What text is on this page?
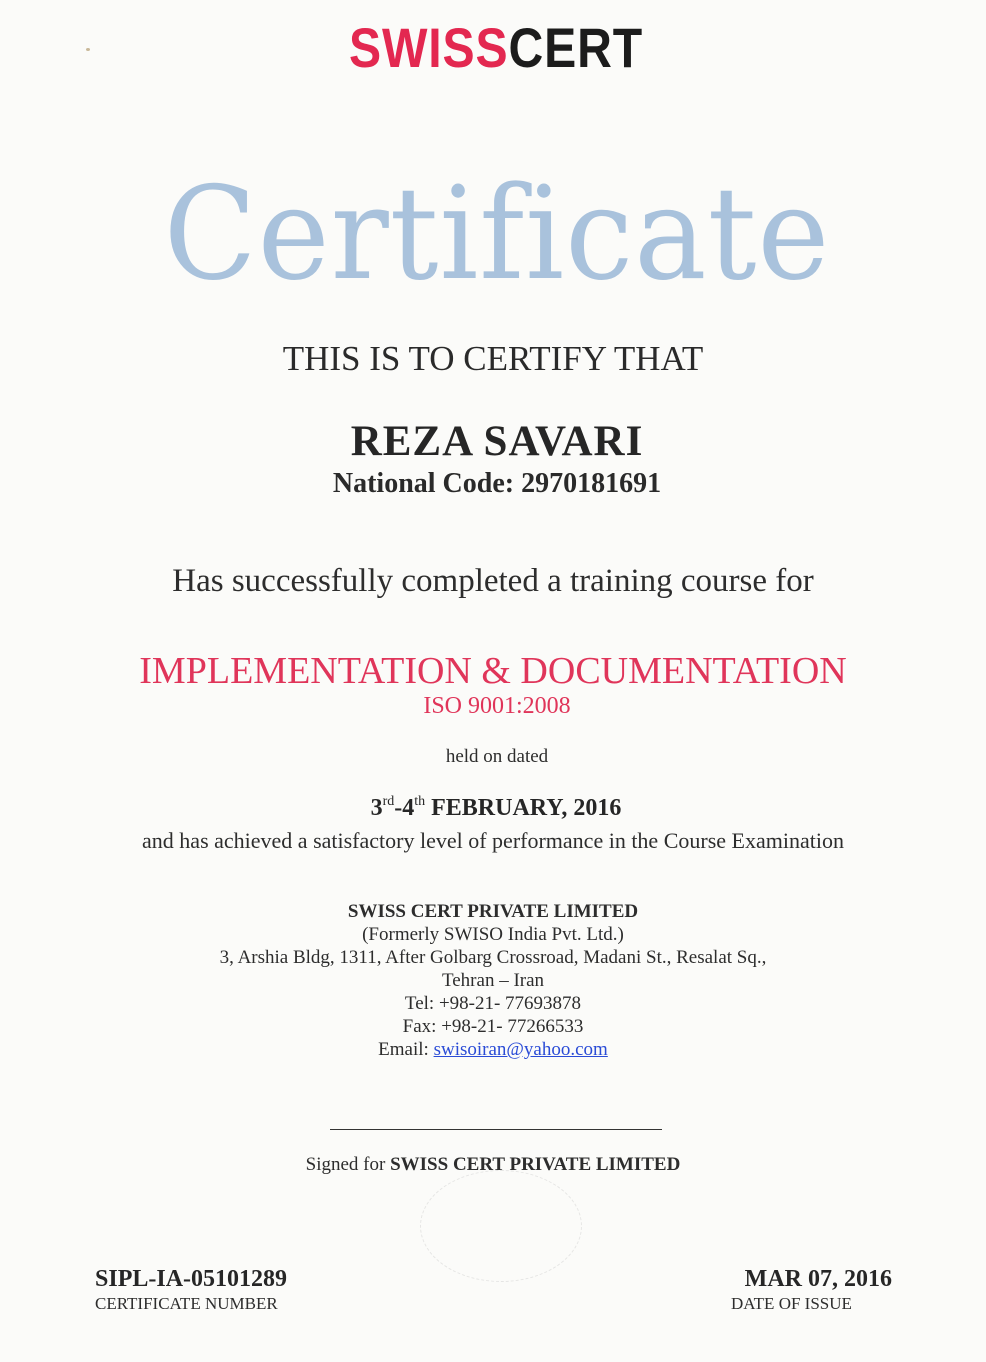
SWISSCERT
Certificate
THIS IS TO CERTIFY THAT
REZA SAVARI
National Code: 2970181691
Has successfully completed a training course for
IMPLEMENTATION & DOCUMENTATION
ISO 9001:2008
held on dated
3rd-4th FEBRUARY, 2016
and has achieved a satisfactory level of performance in the Course Examination
SWISS CERT PRIVATE LIMITED
(Formerly SWISO India Pvt. Ltd.)
3, Arshia Bldg, 1311, After Golbarg Crossroad, Madani St., Resalat Sq.,
Tehran – Iran
Tel: +98-21- 77693878
Fax: +98-21- 77266533
Email: swisoiran@yahoo.com
Signed for SWISS CERT PRIVATE LIMITED
SIPL-IA-05101289
CERTIFICATE NUMBER
MAR 07, 2016
DATE OF ISSUE
